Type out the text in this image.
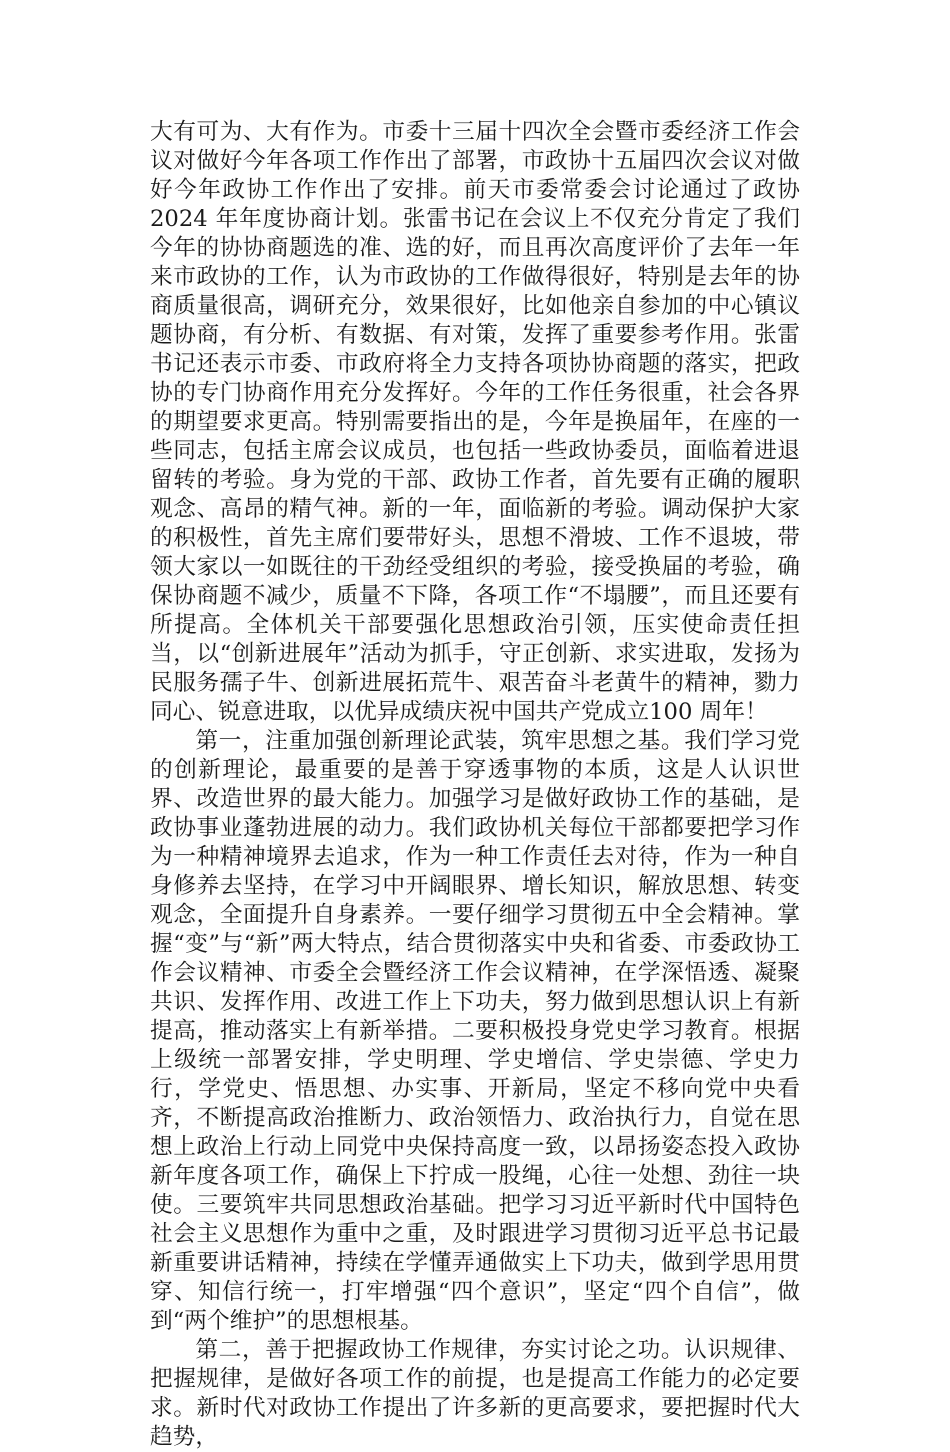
大有可为、大有作为。市委十三届十四次全会暨市委经济工作会议对做好今年各项工作作出了部署，市政协十五届四次会议对做好今年政协工作作出了安排。前天市委常委会讨论通过了政协 2024 年年度协商计划。张雷书记在会议上不仅充分肯定了我们今年的协协商题选的准、选的好，而且再次高度评价了去年一年来市政协的工作，认为市政协的工作做得很好，特别是去年的协商质量很高，调研充分，效果很好，比如他亲自参加的中心镇议题协商，有分析、有数据、有对策，发挥了重要参考作用。张雷书记还表示市委、市政府将全力支持各项协协商题的落实，把政协的专门协商作用充分发挥好。今年的工作任务很重，社会各界的期望要求更高。特别需要指出的是，今年是换届年，在座的一些同志，包括主席会议成员，也包括一些政协委员，面临着进退留转的考验。身为党的干部、政协工作者，首先要有正确的履职观念、高昂的精气神。新的一年，面临新的考验。调动保护大家的积极性，首先主席们要带好头，思想不滑坡、工作不退坡，带领大家以一如既往的干劲经受组织的考验，接受换届的考验，确保协商题不减少，质量不下降，各项工作“不塌腰”，而且还要有所提高。全体机关干部要强化思想政治引领，压实使命责任担当，以“创新进展年”活动为抓手，守正创新、求实进取，发扬为民服务孺子牛、创新进展拓荒牛、艰苦奋斗老黄牛的精神，勠力同心、锐意进取，以优异成绩庆祝中国共产党成立100 周年！

第一，注重加强创新理论武装，筑牢思想之基。我们学习党的创新理论，最重要的是善于穿透事物的本质，这是人认识世界、改造世界的最大能力。加强学习是做好政协工作的基础，是政协事业蓬勃进展的动力。我们政协机关每位干部都要把学习作为一种精神境界去追求，作为一种工作责任去对待，作为一种自身修养去坚持，在学习中开阔眼界、增长知识，解放思想、转变观念，全面提升自身素养。一要仔细学习贯彻五中全会精神。掌握“变”与“新”两大特点，结合贯彻落实中央和省委、市委政协工作会议精神、市委全会暨经济工作会议精神，在学深悟透、凝聚共识、发挥作用、改进工作上下功夫，努力做到思想认识上有新提高，推动落实上有新举措。二要积极投身党史学习教育。根据上级统一部署安排，学史明理、学史增信、学史崇德、学史力行，学党史、悟思想、办实事、开新局，坚定不移向党中央看齐，不断提高政治推断力、政治领悟力、政治执行力，自觉在思想上政治上行动上同党中央保持高度一致，以昂扬姿态投入政协新年度各项工作，确保上下拧成一股绳，心往一处想、劲往一块使。三要筑牢共同思想政治基础。把学习习近平新时代中国特色社会主义思想作为重中之重，及时跟进学习贯彻习近平总书记最新重要讲话精神，持续在学懂弄通做实上下功夫，做到学思用贯穿、知信行统一，打牢增强“四个意识”，坚定“四个自信”，做到“两个维护”的思想根基。

第二，善于把握政协工作规律，夯实讨论之功。认识规律、把握规律，是做好各项工作的前提，也是提高工作能力的必定要求。新时代对政协工作提出了许多新的更高要求，要把握时代大趋势，
